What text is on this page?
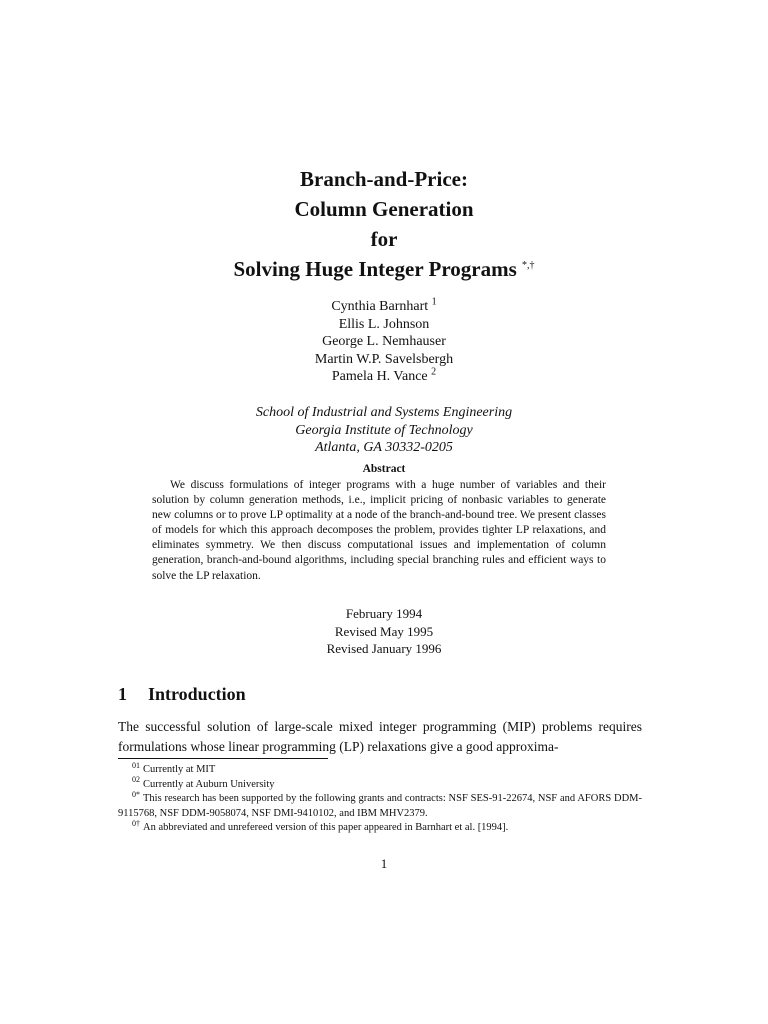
Branch-and-Price:
Column Generation
for
Solving Huge Integer Programs *,†
Cynthia Barnhart $^1$
Ellis L. Johnson
George L. Nemhauser
Martin W.P. Savelsbergh
Pamela H. Vance $^2$
School of Industrial and Systems Engineering
Georgia Institute of Technology
Atlanta, GA 30332-0205
Abstract

We discuss formulations of integer programs with a huge number of variables and their solution by column generation methods, i.e., implicit pricing of nonbasic variables to generate new columns or to prove LP optimality at a node of the branch-and-bound tree. We present classes of models for which this approach decomposes the problem, provides tighter LP relaxations, and eliminates symmetry. We then discuss computational issues and implementation of column generation, branch-and-bound algorithms, including special branching rules and efficient ways to solve the LP relaxation.

February 1994
Revised May 1995
Revised January 1996
1 Introduction

The successful solution of large-scale mixed integer programming (MIP) problems requires formulations whose linear programming (LP) relaxations give a good approxima-

$^{01}$ Currently at MIT
$^{02}$ Currently at Auburn University
$^{0*}$ This research has been supported by the following grants and contracts: NSF SES-91-22674, NSF and AFORS DDM-9115768, NSF DDM-9058074, NSF DMI-9410102, and IBM MHV2379.
$^{0\dagger}$ An abbreviated and unrefereed version of this paper appeared in Barnhart et al. [1994].
1
